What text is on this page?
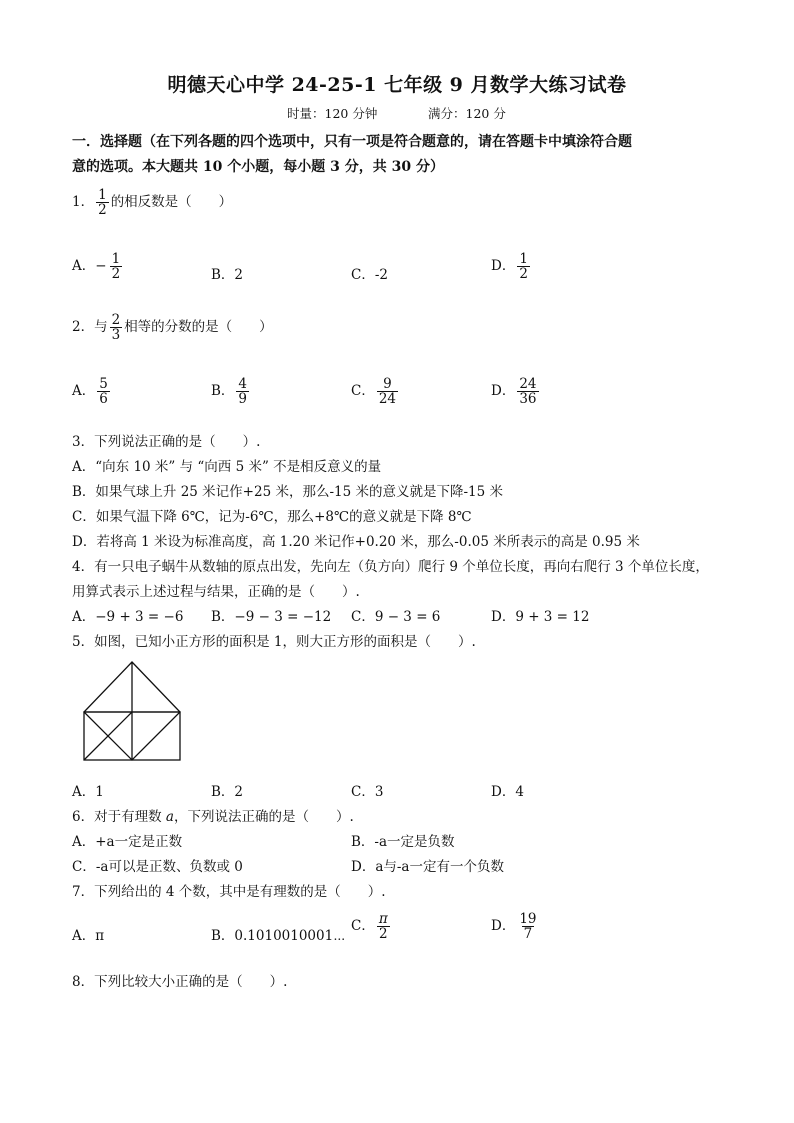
明德天心中学 24-25-1 七年级 9 月数学大练习试卷
时量：120 分钟	满分：120 分
一．选择题（在下列各题的四个选项中，只有一项是符合题意的，请在答题卡中填涂符合题
意的选项。本大题共 10 个小题，每小题 3 分，共 30 分）
1． $\frac{1}{2}$ 的相反数是（　　）
A．− $\frac{1}{2}$	B．2	C．-2
D． $\frac{1}{2}$
2．与 $\frac{2}{3}$ 相等的分数的是（　　）
A． $\frac{5}{6}$	B． $\frac{4}{9}$	C． $\frac{9}{24}$	D． $\frac{24}{36}$
3．下列说法正确的是（　　）.
A．“向东 10 米” 与 “向西 5 米” 不是相反意义的量
B．如果气球上升 25 米记作+25 米，那么-15 米的意义就是下降-15 米
C．如果气温下降 6℃，记为-6℃，那么+8℃的意义就是下降 8℃
D．若将高 1 米设为标准高度，高 1.20 米记作+0.20 米，那么-0.05 米所表示的高是 0.95 米
4．有一只电子蜗牛从数轴的原点出发，先向左（负方向）爬行 9 个单位长度，再向右爬行 3 个单位长度，
用算式表示上述过程与结果，正确的是（　　）.
A．−9 + 3 = −6 B．−9 − 3 = −12 C．9 − 3 = 6	D．9 + 3 = 12
5．如图，已知小正方形的面积是 1，则大正方形的面积是（　　）.
A．1	B．2	C．3	D．4
6．对于有理数 a，下列说法正确的是（　　）.
A．+a一定是正数	B．-a一定是负数
C．-a可以是正数、负数或 0	D．a与-a一定有一个负数
7．下列给出的 4 个数，其中是有理数的是（　　）.
A．π	B．0.1010010001⋯
C． $\frac{\pi}{2}$	D． $\frac{19}{7}$
8．下列比较大小正确的是（　　）.
